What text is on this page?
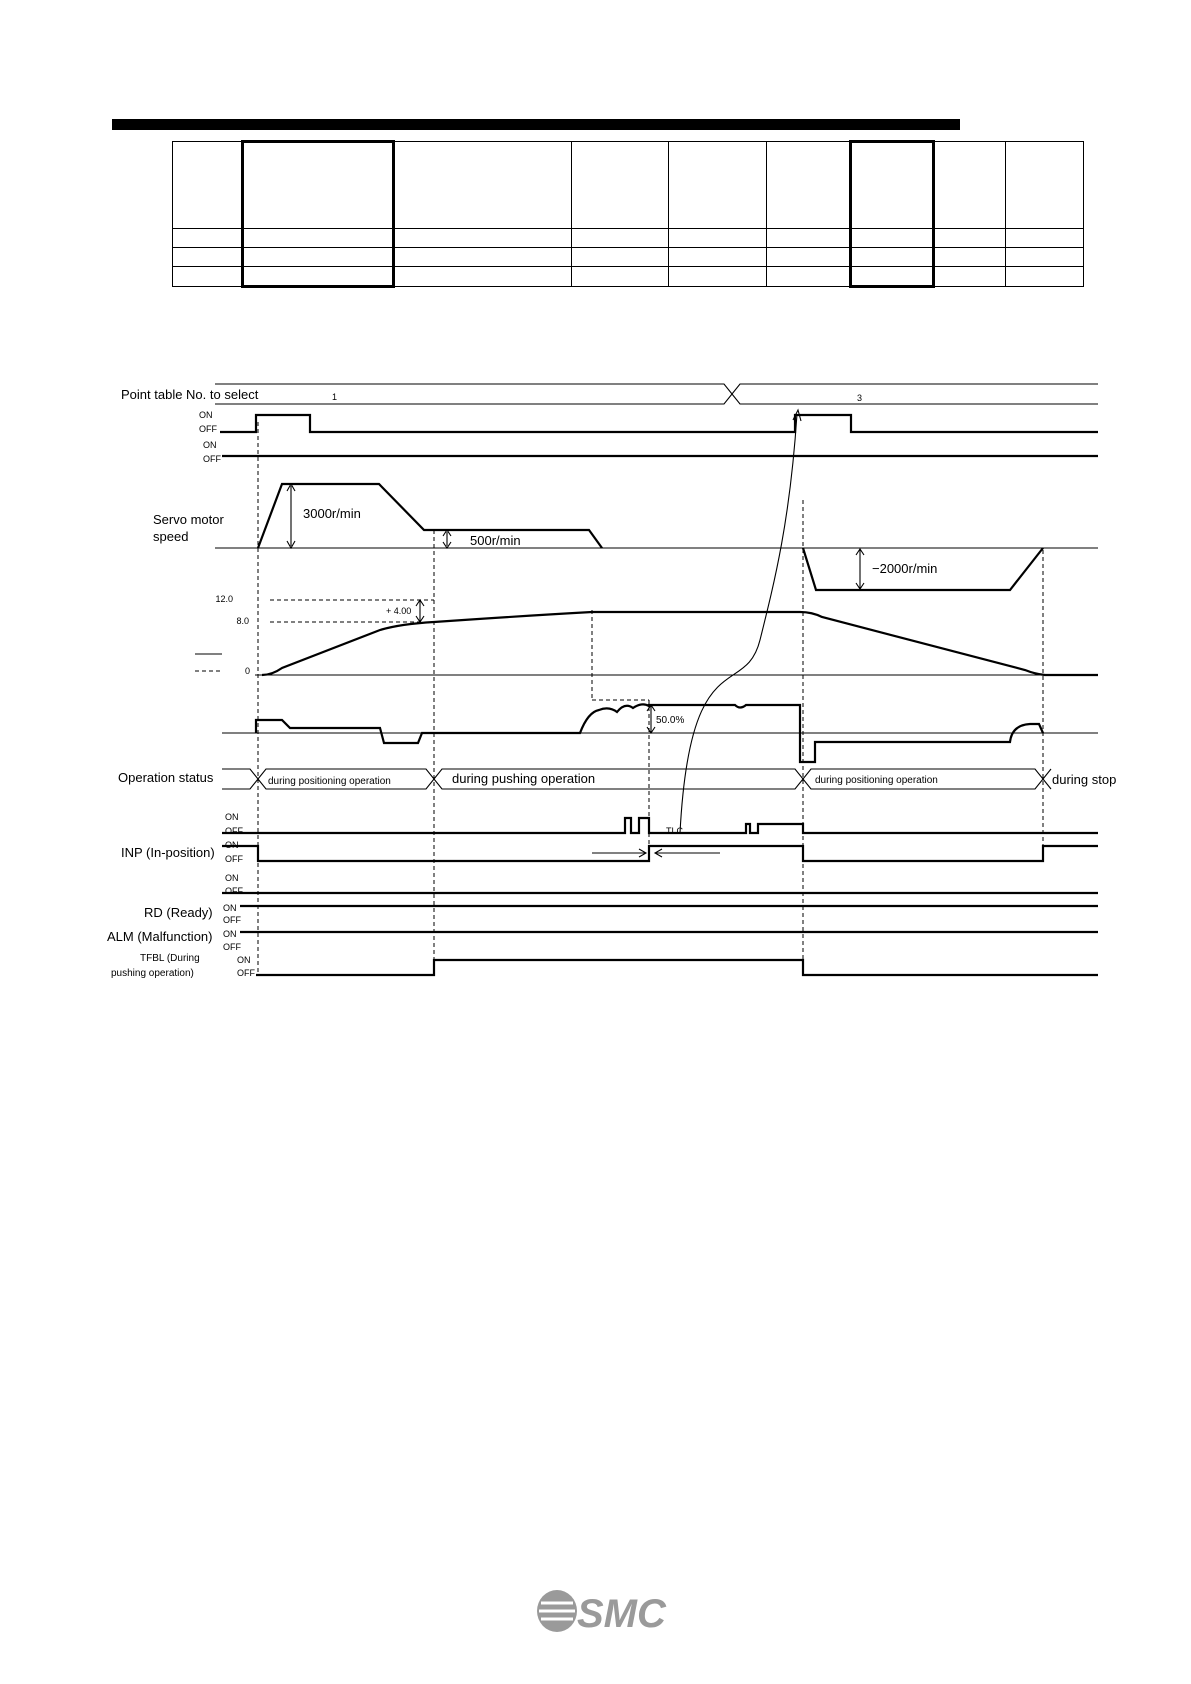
Point table No. to select	1	3
ON
OFF
ON
OFF
Servo motor
speed
3000r/min
500r/min
−2000r/min
12.0
8.0
0
+ 4.00
50.0%
Operation status	during positioning operation	during pushing operation	during positioning operation	during stop
ON
OFF	TLC
INP (In-position) ON
OFF
ON
OFF
RD (Ready) ON
OFF
ALM (Malfunction) ON
OFF
TFBL (During
pushing operation)
ON
OFF
SMC
